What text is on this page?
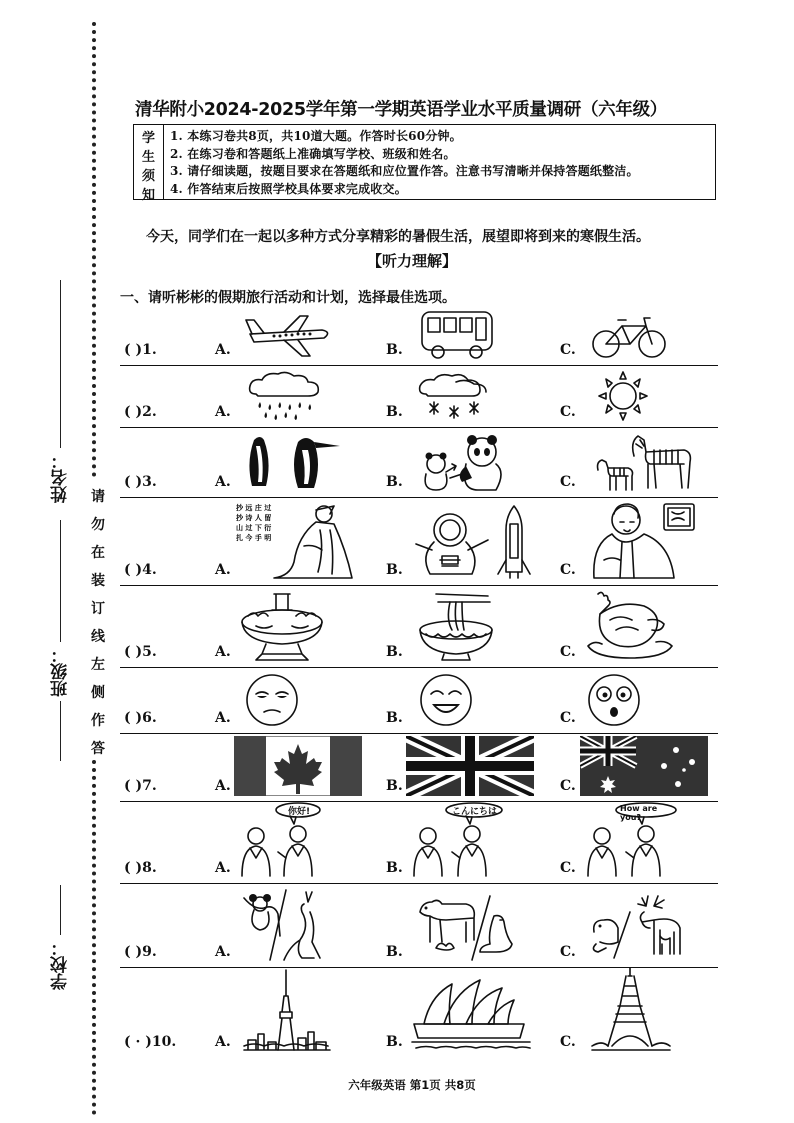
姓名：
班级：
学校：
请
勿
在
装
订
线
左
侧
作
答
清华附小2024-2025学年第一学期英语学业水平质量调研（六年级）
学
生
须
知
1. 本练习卷共8页，共10道大题。作答时长60分钟。
2. 在练习卷和答题纸上准确填写学校、班级和姓名。
3. 请仔细读题，按题目要求在答题纸和应位置作答。注意书写清晰并保持答题纸整洁。
4. 作答结束后按照学校具体要求完成收交。
今天，同学们在一起以多种方式分享精彩的暑假生活，展望即将到来的寒假生活。
【听力理解】
一、请听彬彬的假期旅行活动和计划，选择最佳选项。
( )1.	A.	B.	C.
( )2.	A.	B.	C.
( )3.	A.	B.	C.
( )4.	A.	B.	C.
抄 远 庄 过抄 诗 人 留山 过 下 衍扎 今 手 明
( )5.	A.	B.	C.
( )6.	A.	B.	C.
( )7.	A.	B.	C.
( )8.	A.	B.	C.
你好!	こんにちは	How are you?
( )9.	A.	B.	C.
( · )10.	A.	B.	C.
六年级英语 第1页 共8页
